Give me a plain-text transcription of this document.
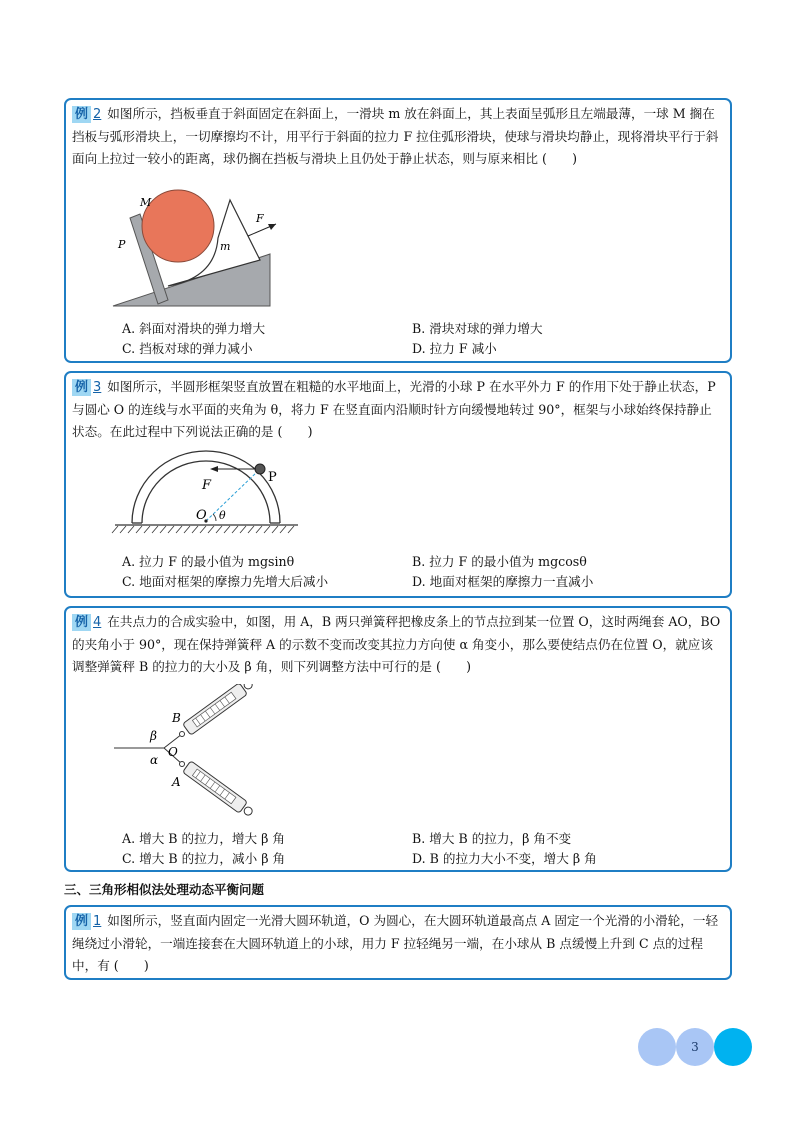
例 2 如图所示，挡板垂直于斜面固定在斜面上，一滑块 m 放在斜面上，其上表面呈弧形且左端最薄，一球 M 搁在挡板与弧形滑块上，一切摩擦均不计，用平行于斜面的拉力 F 拉住弧形滑块，使球与滑块均静止，现将滑块平行于斜面向上拉过一较小的距离，球仍搁在挡板与滑块上且仍处于静止状态，则与原来相比 (　　)
M
P
F
m
A. 斜面对滑块的弹力增大	B. 滑块对球的弹力增大
C. 挡板对球的弹力减小	D. 拉力 F 减小
例 3 如图所示，半圆形框架竖直放置在粗糙的水平地面上，光滑的小球 P 在水平外力 F 的作用下处于静止状态，P 与圆心 O 的连线与水平面的夹角为 θ，将力 F 在竖直面内沿顺时针方向缓慢地转过 90°，框架与小球始终保持静止状态。在此过程中下列说法正确的是 (　　)
F
P
O θ
A. 拉力 F 的最小值为 mgsinθ	B. 拉力 F 的最小值为 mgcosθ
C. 地面对框架的摩擦力先增大后减小	D. 地面对框架的摩擦力一直减小
例 4 在共点力的合成实验中，如图，用 A，B 两只弹簧秤把橡皮条上的节点拉到某一位置 O，这时两绳套 AO，BO 的夹角小于 90°，现在保持弹簧秤 A 的示数不变而改变其拉力方向使 α 角变小，那么要使结点仍在位置 O，就应该调整弹簧秤 B 的拉力的大小及 β 角，则下列调整方法中可行的是 (　　)
B
A
O
α
β
A. 增大 B 的拉力，增大 β 角	B. 增大 B 的拉力，β 角不变
C. 增大 B 的拉力，减小 β 角	D. B 的拉力大小不变，增大 β 角
三、三角形相似法处理动态平衡问题
例 1 如图所示，竖直面内固定一光滑大圆环轨道，O 为圆心，在大圆环轨道最高点 A 固定一个光滑的小滑轮，一轻绳绕过小滑轮，一端连接套在大圆环轨道上的小球，用力 F 拉轻绳另一端，在小球从 B 点缓慢上升到 C 点的过程中，有 (　　)
3
